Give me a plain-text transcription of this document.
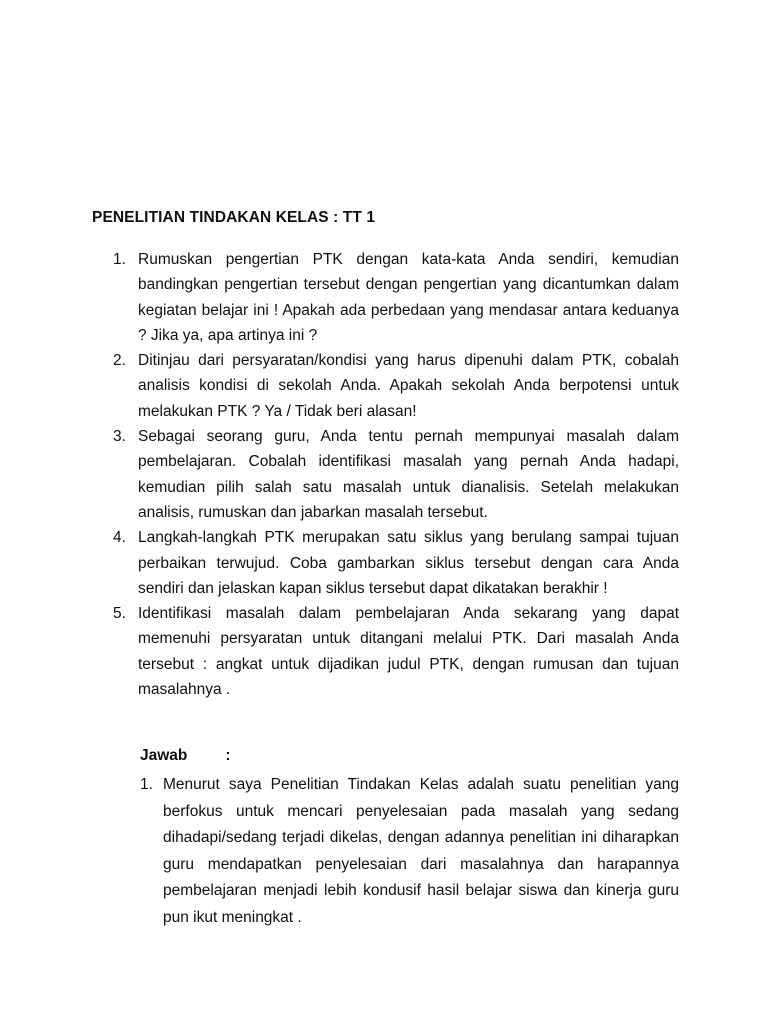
PENELITIAN TINDAKAN KELAS : TT 1
1. Rumuskan pengertian PTK dengan kata-kata Anda sendiri, kemudian bandingkan pengertian tersebut dengan pengertian yang dicantumkan dalam kegiatan belajar ini ! Apakah ada perbedaan yang mendasar antara keduanya ? Jika ya, apa artinya ini ?
2. Ditinjau dari persyaratan/kondisi yang harus dipenuhi dalam PTK, cobalah analisis kondisi di sekolah Anda. Apakah sekolah Anda berpotensi untuk melakukan PTK ? Ya / Tidak beri alasan!
3. Sebagai seorang guru, Anda tentu pernah mempunyai masalah dalam pembelajaran. Cobalah identifikasi masalah yang pernah Anda hadapi, kemudian pilih salah satu masalah untuk dianalisis. Setelah melakukan analisis, rumuskan dan jabarkan masalah tersebut.
4. Langkah-langkah PTK merupakan satu siklus yang berulang sampai tujuan perbaikan terwujud. Coba gambarkan siklus tersebut dengan cara Anda sendiri dan jelaskan kapan siklus tersebut dapat dikatakan berakhir !
5. Identifikasi masalah dalam pembelajaran Anda sekarang yang dapat memenuhi persyaratan untuk ditangani melalui PTK. Dari masalah Anda tersebut : angkat untuk dijadikan judul PTK, dengan rumusan dan tujuan masalahnya .
Jawab :
1. Menurut saya Penelitian Tindakan Kelas adalah suatu penelitian yang berfokus untuk mencari penyelesaian pada masalah yang sedang dihadapi/sedang terjadi dikelas, dengan adannya penelitian ini diharapkan guru mendapatkan penyelesaian dari masalahnya dan harapannya pembelajaran menjadi lebih kondusif hasil belajar siswa dan kinerja guru pun ikut meningkat .
